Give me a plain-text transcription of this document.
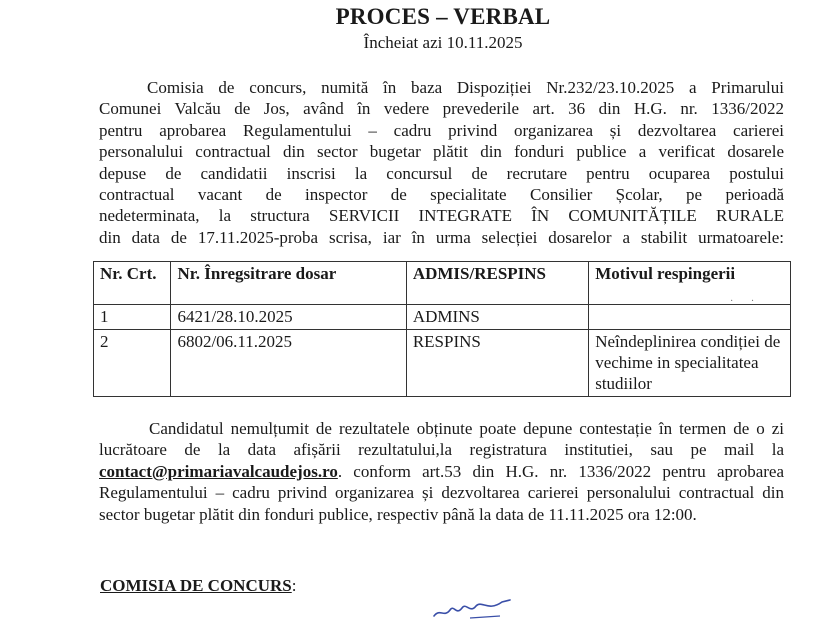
PROCES – VERBAL
Încheiat azi 10.11.2025
Comisia de concurs, numită în baza Dispoziției Nr.232/23.10.2025 a Primarului
Comunei Valcău de Jos, având în vedere prevederile art. 36 din H.G. nr. 1336/2022
pentru aprobarea Regulamentului – cadru privind organizarea și dezvoltarea carierei
personalului contractual din sector bugetar plătit din fonduri publice a verificat dosarele
depuse de candidatii inscrisi la concursul de recrutare pentru ocuparea postului
contractual vacant de inspector de specialitate Consilier Școlar, pe perioadă
nedeterminata, la structura SERVICII INTEGRATE ÎN COMUNITĂȚILE RURALE
din data de 17.11.2025-proba scrisa, iar în urma selecției dosarelor a stabilit urmatoarele:
Nr. Crt.	Nr. Înregsitrare dosar	ADMIS/RESPINS	Motivul respingerii
1	6421/28.10.2025	ADMINS	
2	6802/06.11.2025	RESPINS	Neîndeplinirea condiției de vechime in specialitatea studiilor
·       ·
Candidatul nemulțumit de rezultatele obținute poate depune contestație în termen de o zi lucrătoare de la data afișării rezultatului,la registratura institutiei, sau pe mail la contact@primariavalcaudejos.ro. conform art.53 din H.G. nr. 1336/2022 pentru aprobarea Regulamentului – cadru privind organizarea și dezvoltarea carierei personalului contractual din sector bugetar plătit din fonduri publice, respectiv până la data de 11.11.2025 ora 12:00.
COMISIA DE CONCURS:
